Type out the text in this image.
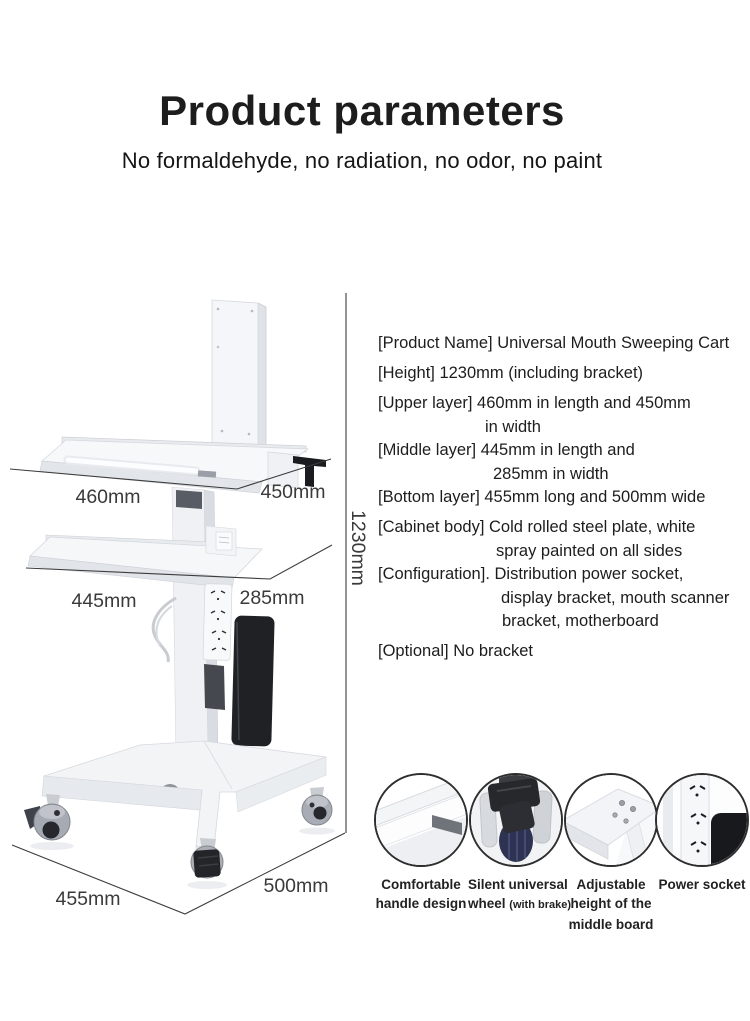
Product parameters
No formaldehyde, no radiation, no odor, no paint
460mm	450mm
445mm	285mm
1230mm
455mm
500mm
[Product Name] Universal Mouth Sweeping Cart
[Height] 1230mm (including bracket)
[Upper layer] 460mm in length and 450mm
in width
[Middle layer] 445mm in length and
285mm in width
[Bottom layer] 455mm long and 500mm wide
[Cabinet body] Cold rolled steel plate, white
spray painted on all sides
[Configuration]. Distribution power socket,
display bracket, mouth scanner
bracket, motherboard
[Optional] No bracket
Comfortable
handle design
Silent universal
wheel (with brake)
Adjustable
height of the
middle board
Power socket
